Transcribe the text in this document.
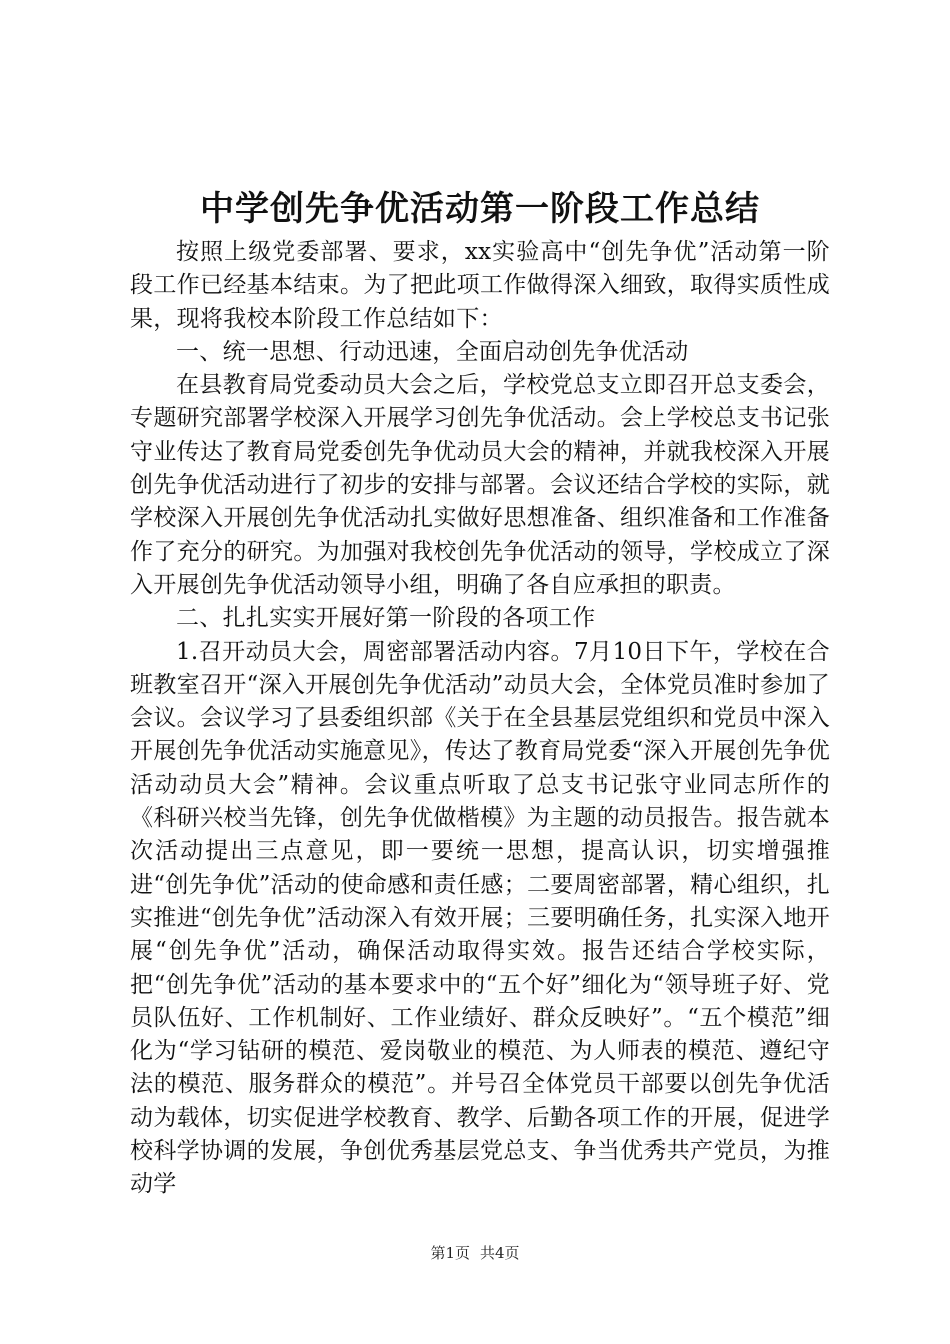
中学创先争优活动第一阶段工作总结

按照上级党委部署、要求，xx实验高中“创先争优”活动第一阶段工作已经基本结束。为了把此项工作做得深入细致，取得实质性成果，现将我校本阶段工作总结如下：

一、统一思想、行动迅速，全面启动创先争优活动

在县教育局党委动员大会之后，学校党总支立即召开总支委会，专题研究部署学校深入开展学习创先争优活动。会上学校总支书记张守业传达了教育局党委创先争优动员大会的精神，并就我校深入开展创先争优活动进行了初步的安排与部署。会议还结合学校的实际，就学校深入开展创先争优活动扎实做好思想准备、组织准备和工作准备作了充分的研究。为加强对我校创先争优活动的领导，学校成立了深入开展创先争优活动领导小组，明确了各自应承担的职责。

二、扎扎实实开展好第一阶段的各项工作

1.召开动员大会，周密部署活动内容。7月10日下午，学校在合班教室召开“深入开展创先争优活动”动员大会，全体党员准时参加了会议。会议学习了县委组织部《关于在全县基层党组织和党员中深入开展创先争优活动实施意见》，传达了教育局党委“深入开展创先争优活动动员大会”精神。会议重点听取了总支书记张守业同志所作的《科研兴校当先锋，创先争优做楷模》为主题的动员报告。报告就本次活动提出三点意见，即一要统一思想，提高认识，切实增强推进“创先争优”活动的使命感和责任感；二要周密部署，精心组织，扎实推进“创先争优”活动深入有效开展；三要明确任务，扎实深入地开展“创先争优”活动，确保活动取得实效。报告还结合学校实际，把“创先争优”活动的基本要求中的“五个好”细化为“领导班子好、党员队伍好、工作机制好、工作业绩好、群众反映好”。“五个模范”细化为“学习钻研的模范、爱岗敬业的模范、为人师表的模范、遵纪守法的模范、服务群众的模范”。并号召全体党员干部要以创先争优活动为载体，切实促进学校教育、教学、后勤各项工作的开展，促进学校科学协调的发展，争创优秀基层党总支、争当优秀共产党员，为推动学

第1页 共4页
